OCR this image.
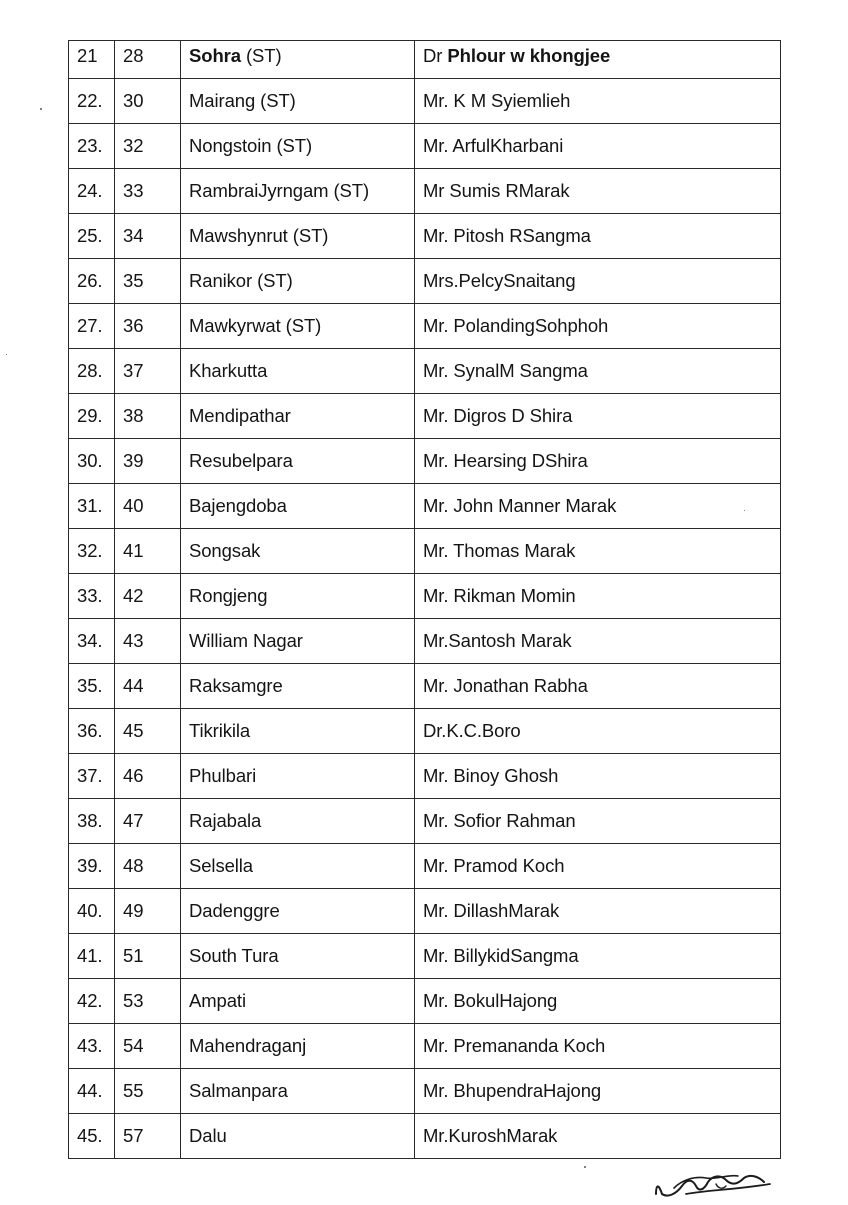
21	28	Sohra (ST)	Dr Phlour w khongjee
22.	30	Mairang (ST)	Mr. K M Syiemlieh
23.	32	Nongstoin (ST)	Mr. ArfulKharbani
24.	33	RambraiJyrngam (ST)	Mr Sumis RMarak
25.	34	Mawshynrut (ST)	Mr. Pitosh RSangma
26.	35	Ranikor (ST)	Mrs.PelcySnaitang
27.	36	Mawkyrwat (ST)	Mr. PolandingSohphoh
28.	37	Kharkutta	Mr. SynalM Sangma
29.	38	Mendipathar	Mr. Digros D Shira
30.	39	Resubelpara	Mr. Hearsing DShira
31.	40	Bajengdoba	Mr. John Manner Marak
32.	41	Songsak	Mr. Thomas Marak
33.	42	Rongjeng	Mr. Rikman Momin
34.	43	William Nagar	Mr.Santosh Marak
35.	44	Raksamgre	Mr. Jonathan Rabha
36.	45	Tikrikila	Dr.K.C.Boro
37.	46	Phulbari	Mr. Binoy Ghosh
38.	47	Rajabala	Mr. Sofior Rahman
39.	48	Selsella	Mr. Pramod Koch
40.	49	Dadenggre	Mr. DillashMarak
41.	51	South Tura	Mr. BillykidSangma
42.	53	Ampati	Mr. BokulHajong
43.	54	Mahendraganj	Mr. Premananda Koch
44.	55	Salmanpara	Mr. BhupendraHajong
45.	57	Dalu	Mr.KuroshMarak
